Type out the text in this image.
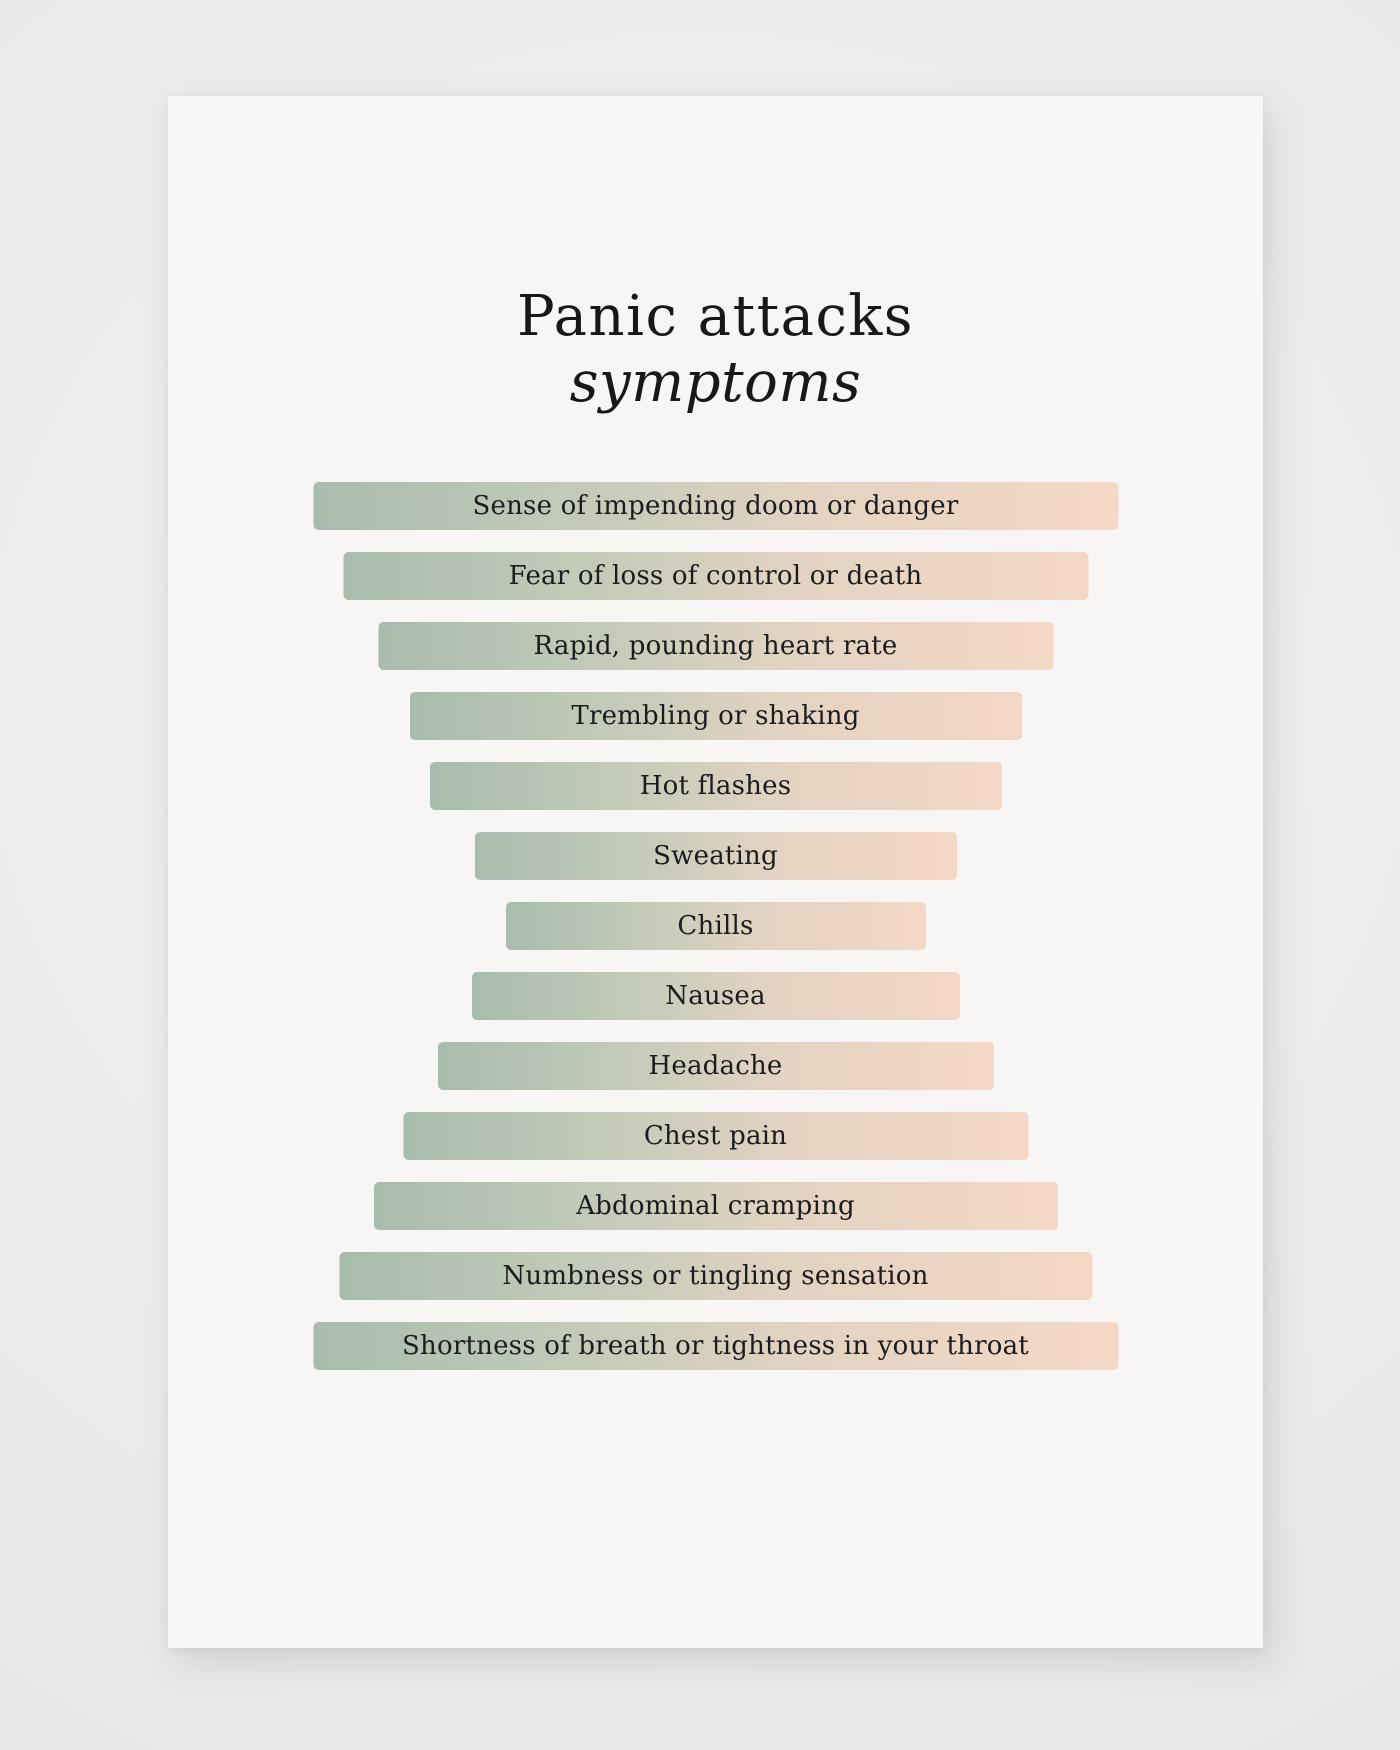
Panic attacks
symptoms
Sense of impending doom or danger
Fear of loss of control or death
Rapid, pounding heart rate
Trembling or shaking
Hot flashes
Sweating
Chills
Nausea
Headache
Chest pain
Abdominal cramping
Numbness or tingling sensation
Shortness of breath or tightness in your throat
